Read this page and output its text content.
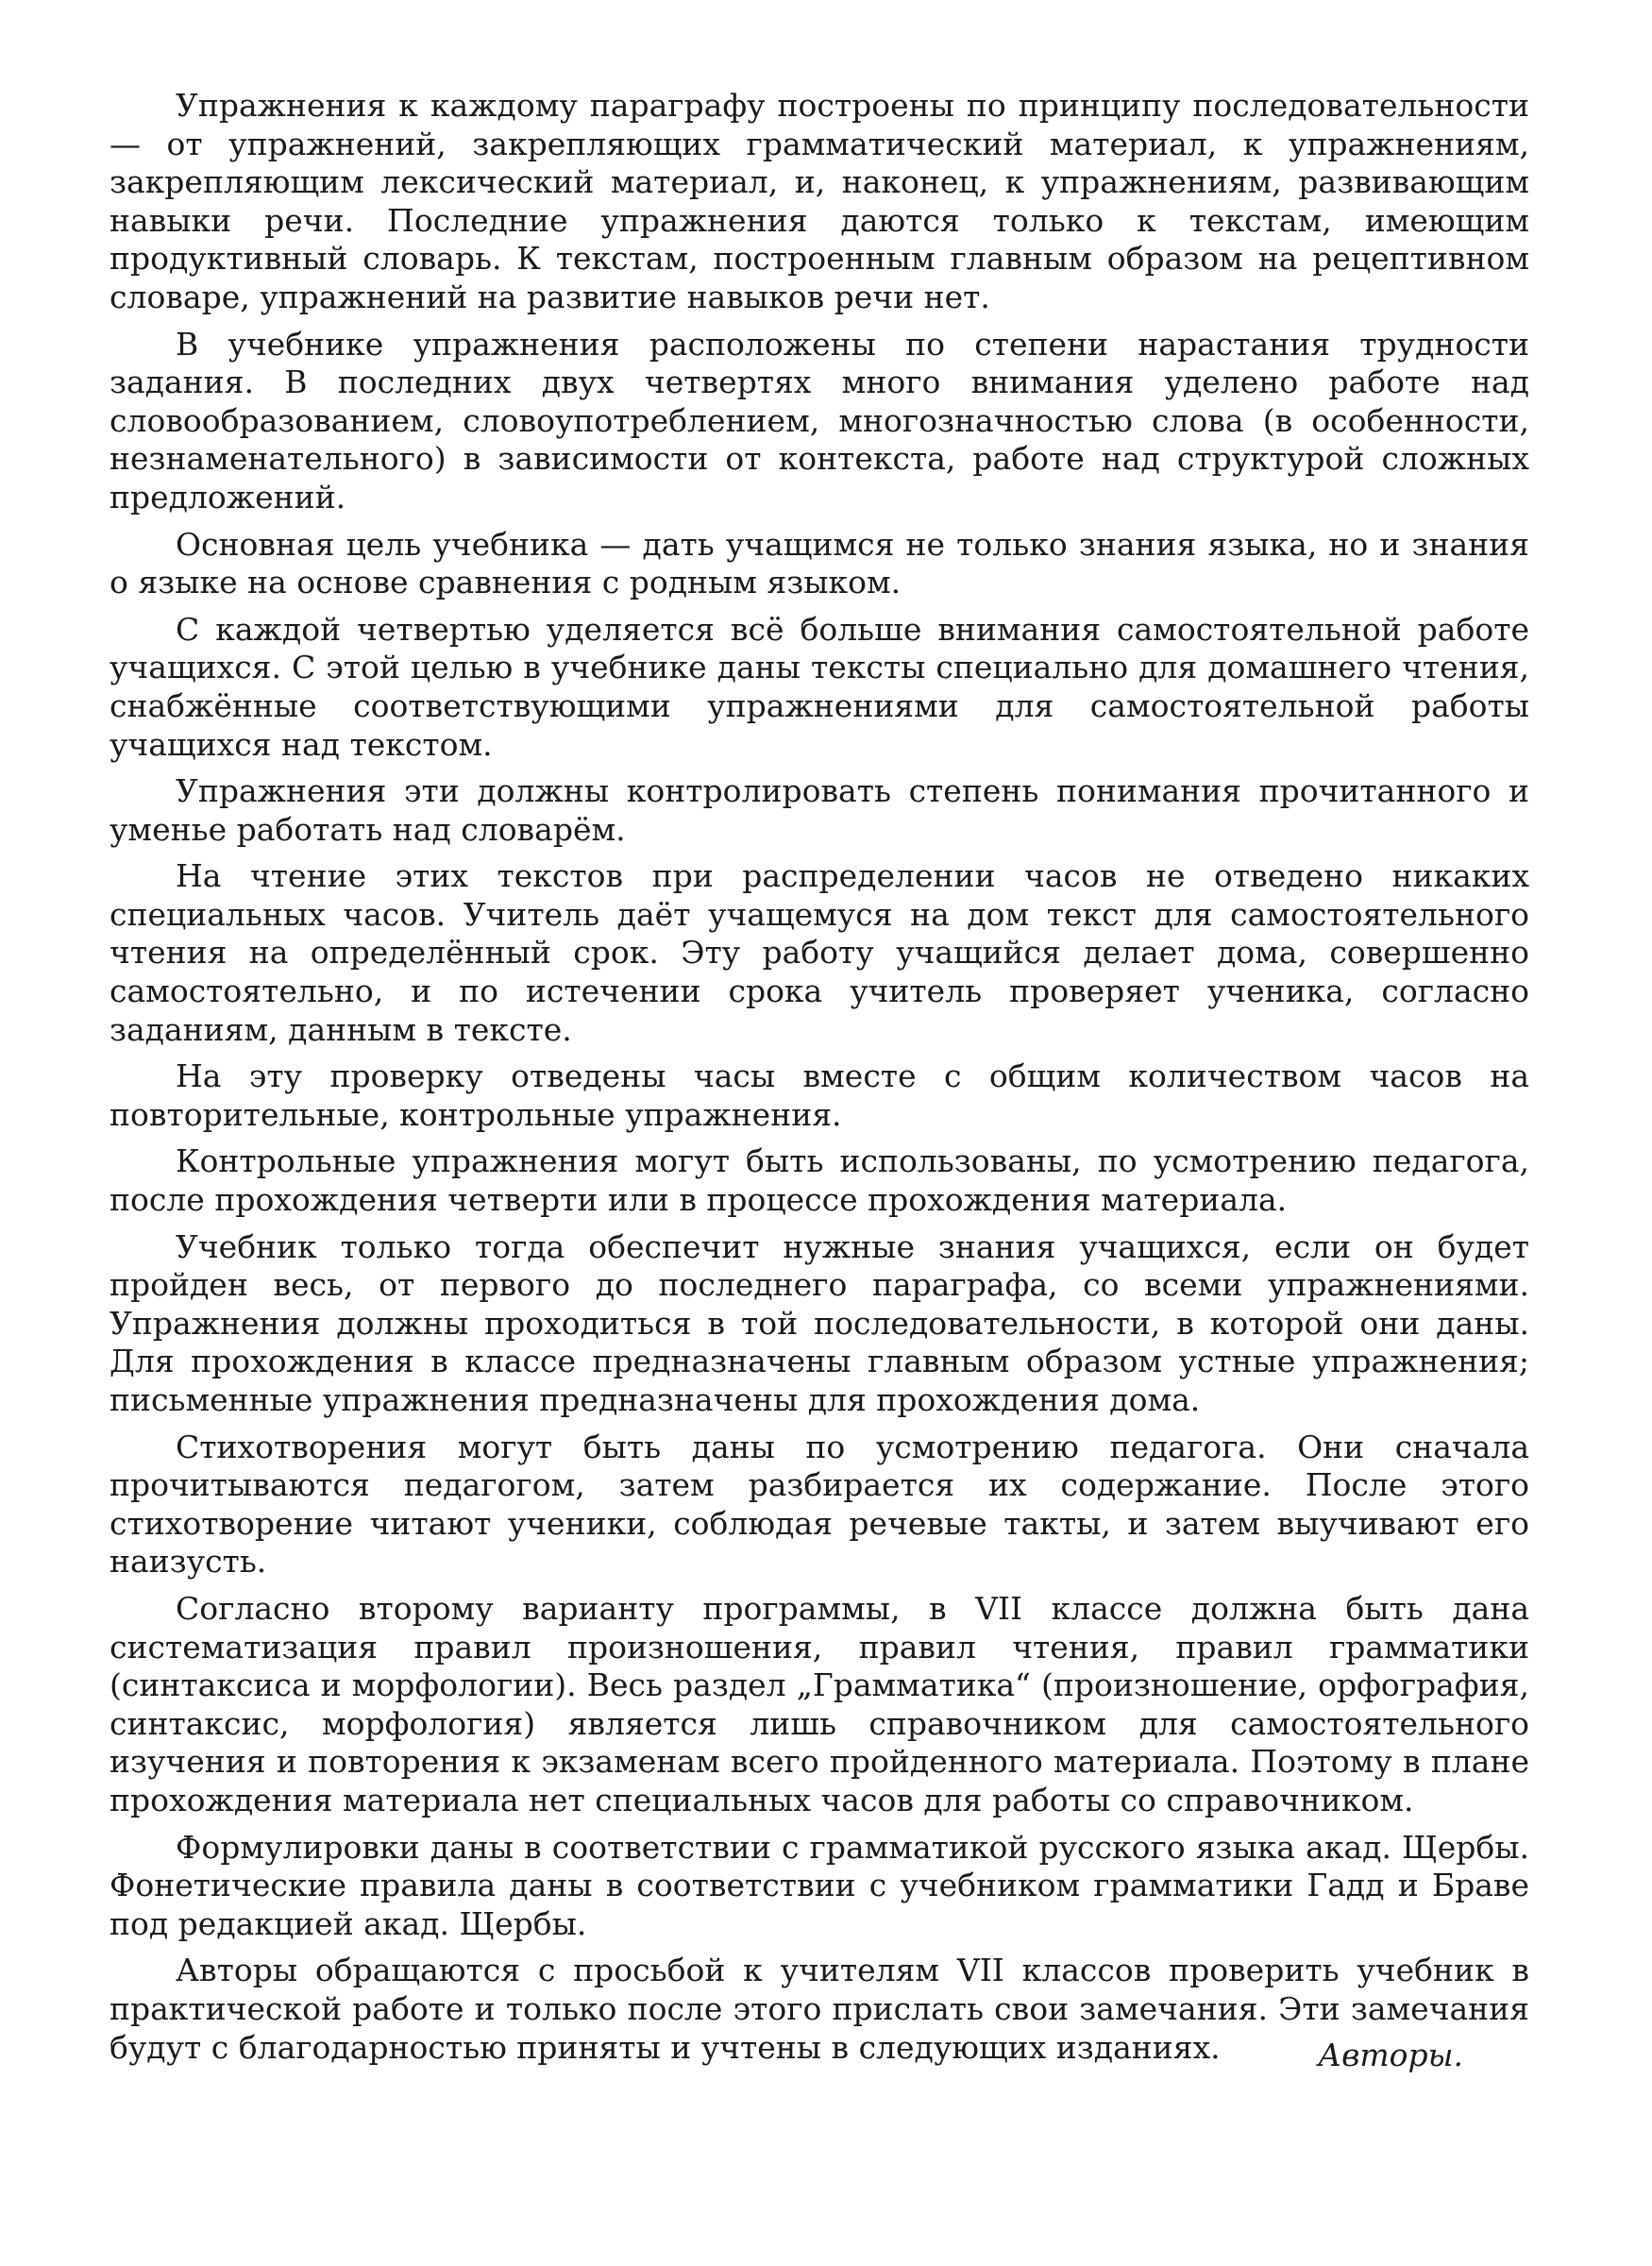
Упражнения к каждому параграфу построены по принципу последовательности — от упражнений, закрепляющих грамматический материал, к упражнениям, закрепляющим лексический материал, и, наконец, к упражнениям, развивающим навыки речи. Последние упражнения даются только к текстам, имеющим продуктивный словарь. К текстам, построенным главным образом на рецептивном словаре, упражнений на развитие навыков речи нет.

В учебнике упражнения расположены по степени нарастания трудности задания. В последних двух четвертях много внимания уделено работе над словообразованием, словоупотреблением, многозначностью слова (в особенности, незнаменательного) в зависимости от контекста, работе над структурой сложных предложений.

Основная цель учебника — дать учащимся не только знания языка, но и знания о языке на основе сравнения с родным языком.

С каждой четвертью уделяется всё больше внимания самостоятельной работе учащихся. С этой целью в учебнике даны тексты специально для домашнего чтения, снабжённые соответствующими упражнениями для самостоятельной работы учащихся над текстом.

Упражнения эти должны контролировать степень понимания прочитанного и уменье работать над словарём.

На чтение этих текстов при распределении часов не отведено никаких специальных часов. Учитель даёт учащемуся на дом текст для самостоятельного чтения на определённый срок. Эту работу учащийся делает дома, совершенно самостоятельно, и по истечении срока учитель проверяет ученика, согласно заданиям, данным в тексте.

На эту проверку отведены часы вместе с общим количеством часов на повторительные, контрольные упражнения.

Контрольные упражнения могут быть использованы, по усмотрению педагога, после прохождения четверти или в процессе прохождения материала.

Учебник только тогда обеспечит нужные знания учащихся, если он будет пройден весь, от первого до последнего параграфа, со всеми упражнениями. Упражнения должны проходиться в той последовательности, в которой они даны. Для прохождения в классе предназначены главным образом устные упражнения; письменные упражнения предназначены для прохождения дома.

Стихотворения могут быть даны по усмотрению педагога. Они сначала прочитываются педагогом, затем разбирается их содержание. После этого стихотворение читают ученики, соблюдая речевые такты, и затем выучивают его наизусть.

Согласно второму варианту программы, в VII классе должна быть дана систематизация правил произношения, правил чтения, правил грамматики (синтаксиса и морфологии). Весь раздел „Грамматика“ (произношение, орфография, синтаксис, морфология) является лишь справочником для самостоятельного изучения и повторения к экзаменам всего пройденного материала. Поэтому в плане прохождения материала нет специальных часов для работы со справочником.

Формулировки даны в соответствии с грамматикой русского языка акад. Щербы. Фонетические правила даны в соответствии с учебником грамматики Гадд и Браве под редакцией акад. Щербы.

Авторы обращаются с просьбой к учителям VII классов проверить учебник в практической работе и только после этого прислать свои замечания. Эти замечания будут с благодарностью приняты и учтены в следующих изданиях.	Авторы.
